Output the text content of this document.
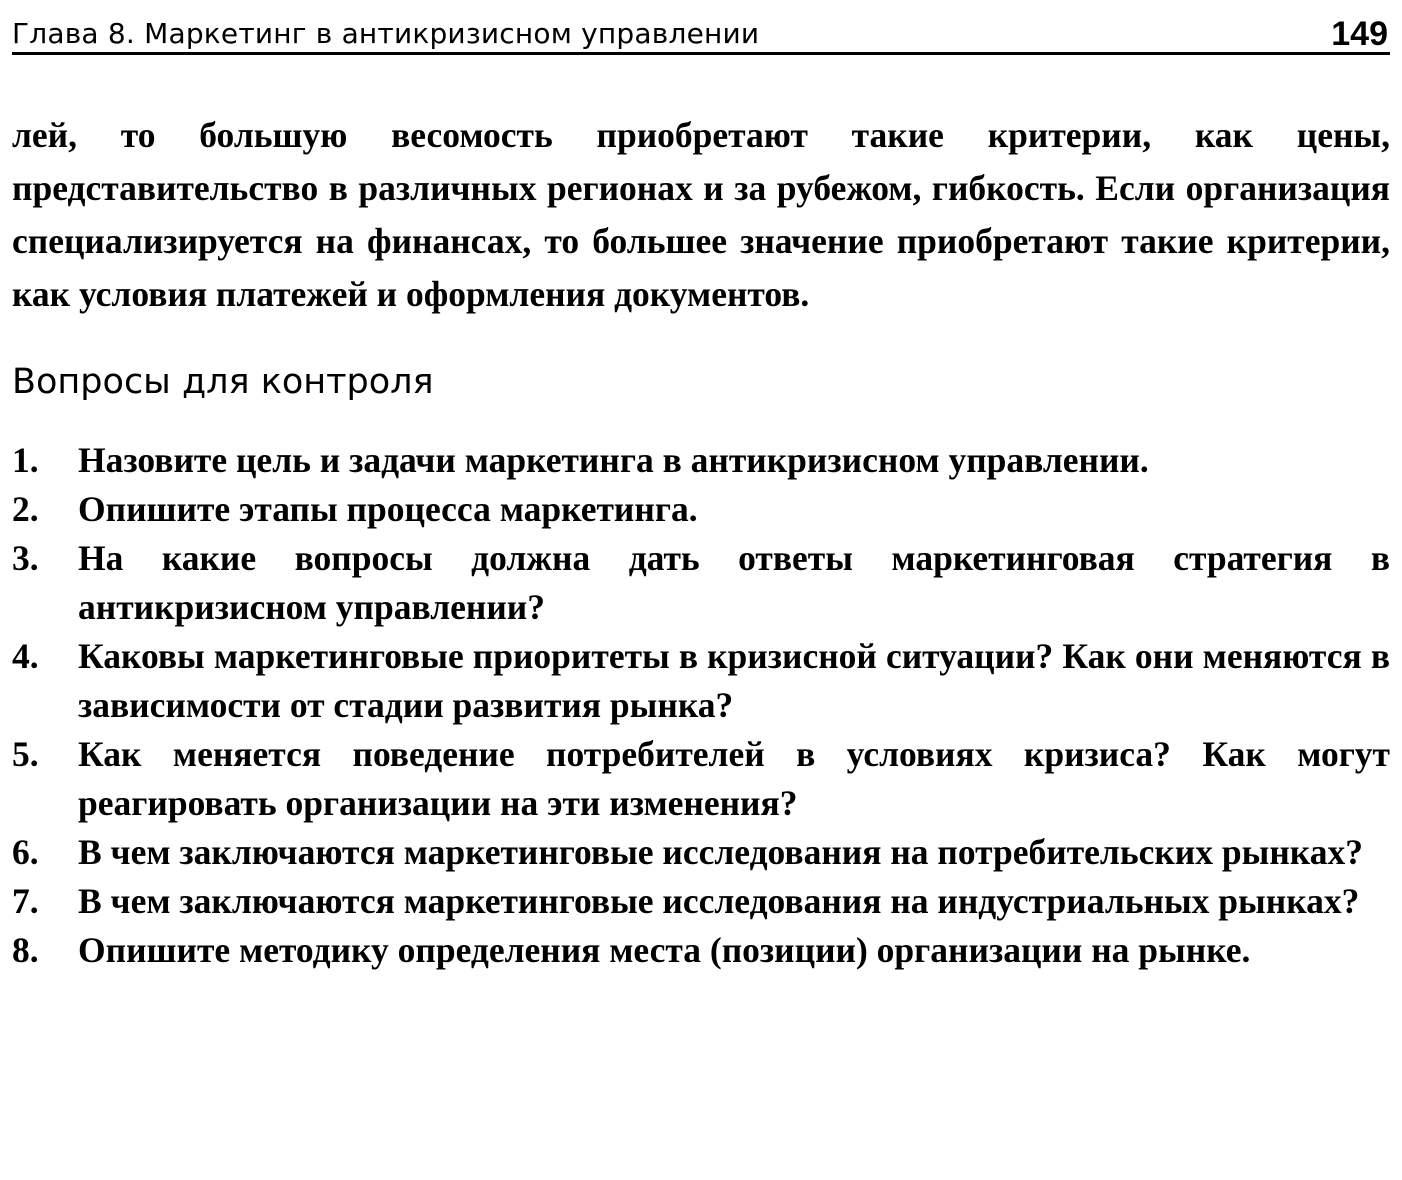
Глава 8. Маркетинг в антикризисном управлении	149

лей, то большую весомость приобретают такие критерии, как цены, представительство в различных регионах и за рубежом, гибкость. Если организация специализируется на финансах, то большее значение приобретают такие критерии, как условия платежей и оформления документов.

Вопросы для контроля
1.	Назовите цель и задачи маркетинга в антикризисном управлении.
2.	Опишите этапы процесса маркетинга.
3.	На какие вопросы должна дать ответы маркетинговая стратегия в антикризисном управлении?
4.	Каковы маркетинговые приоритеты в кризисной ситуации? Как они меняются в зависимости от стадии развития рынка?
5.	Как меняется поведение потребителей в условиях кризиса? Как могут реагировать организации на эти изменения?
6.	В чем заключаются маркетинговые исследования на потребительских рынках?
7.	В чем заключаются маркетинговые исследования на индустриальных рынках?
8.	Опишите методику определения места (позиции) организации на рынке.
